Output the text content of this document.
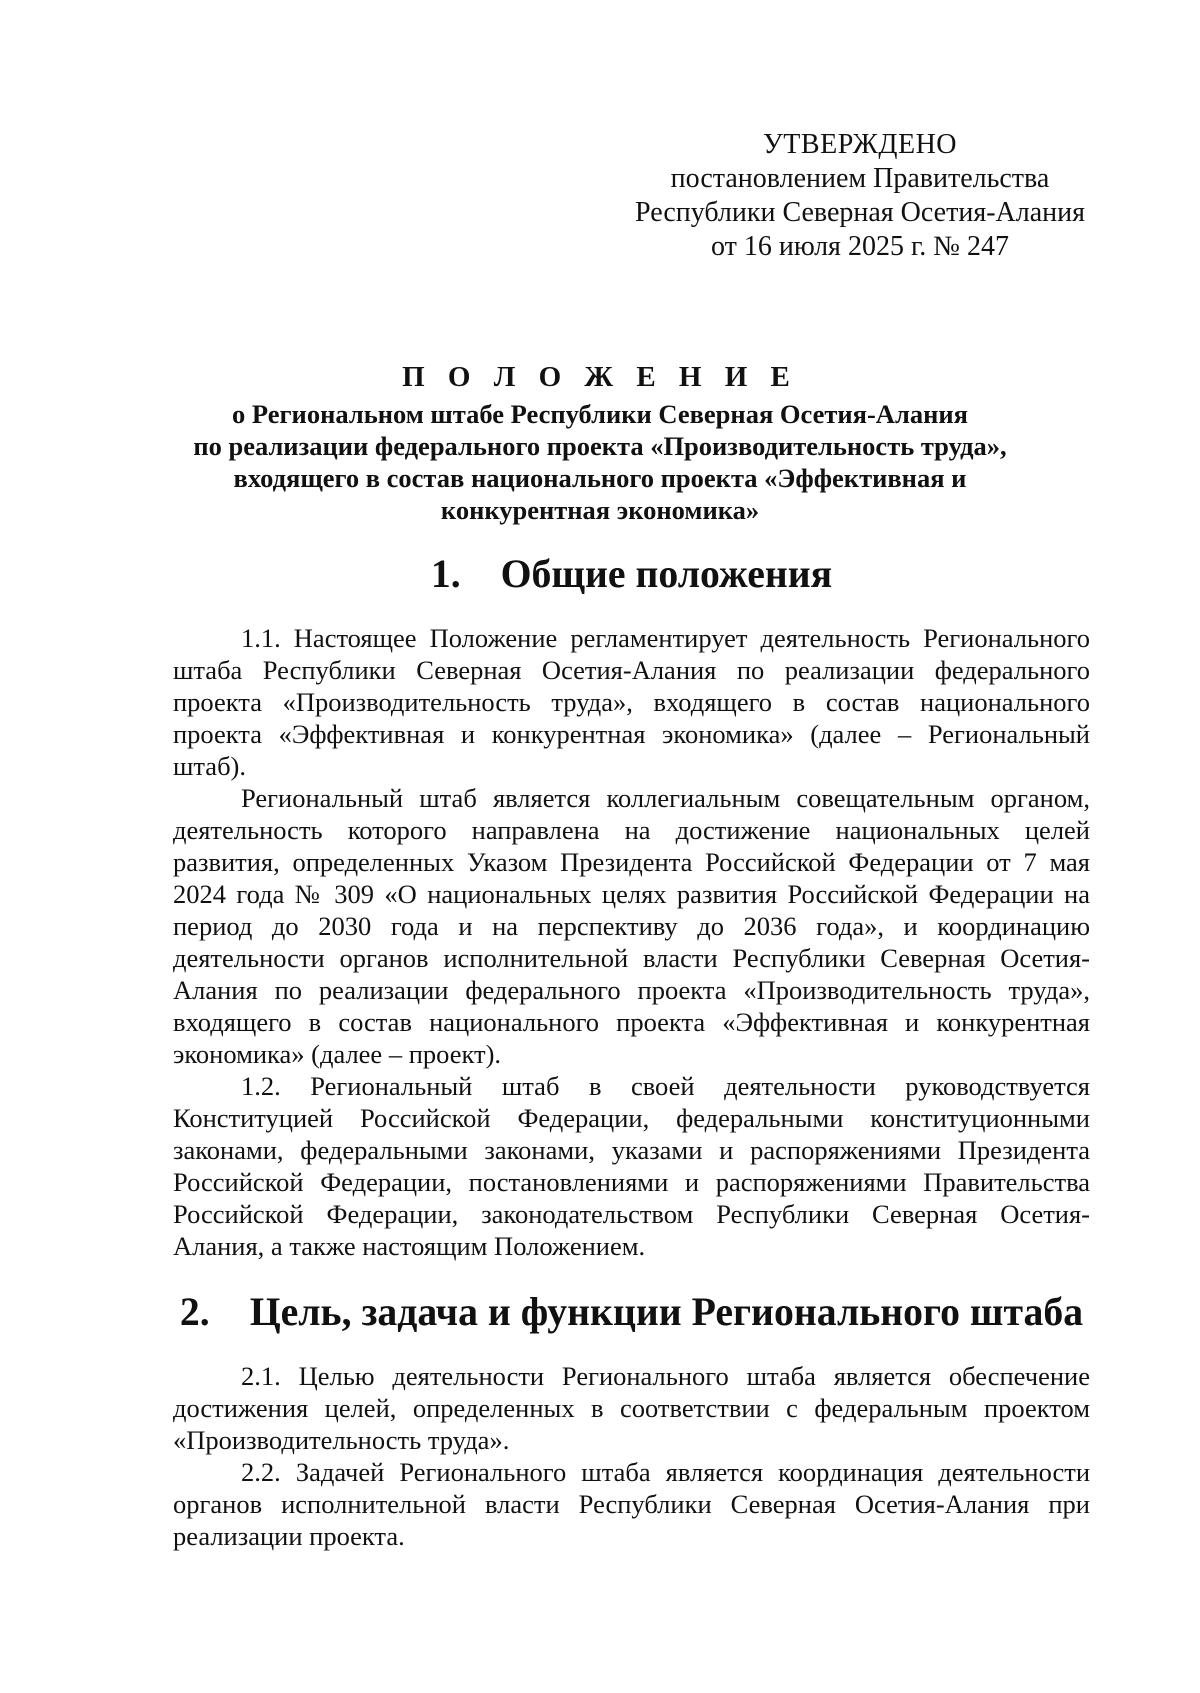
УТВЕРЖДЕНО
постановлением Правительства
Республики Северная Осетия-Алания
от 16 июля 2025 г. № 247
П О Л О Ж Е Н И Е
о Региональном штабе Республики Северная Осетия-Алания
по реализации федерального проекта «Производительность труда»,
входящего в состав национального проекта «Эффективная и
конкурентная экономика»
1. Общие положения

1.1. Настоящее Положение регламентирует деятельность Регионального штаба Республики Северная Осетия-Алания по реализации федерального проекта «Производительность труда», входящего в состав национального проекта «Эффективная и конкурентная экономика» (далее – Региональный штаб).

Региональный штаб является коллегиальным совещательным органом, деятельность которого направлена на достижение национальных целей развития, определенных Указом Президента Российской Федерации от 7 мая 2024 года № 309 «О национальных целях развития Российской Федерации на период до 2030 года и на перспективу до 2036 года», и координацию деятельности органов исполнительной власти Республики Северная Осетия-Алания по реализации федерального проекта «Производительность труда», входящего в состав национального проекта «Эффективная и конкурентная экономика» (далее – проект).

1.2. Региональный штаб в своей деятельности руководствуется Конституцией Российской Федерации, федеральными конституционными законами, федеральными законами, указами и распоряжениями Президента Российской Федерации, постановлениями и распоряжениями Правительства Российской Федерации, законодательством Республики Северная Осетия-Алания, а также настоящим Положением.

2. Цель, задача и функции Регионального штаба

2.1. Целью деятельности Регионального штаба является обеспечение достижения целей, определенных в соответствии с федеральным проектом «Производительность труда».

2.2. Задачей Регионального штаба является координация деятельности органов исполнительной власти Республики Северная Осетия-Алания при реализации проекта.
